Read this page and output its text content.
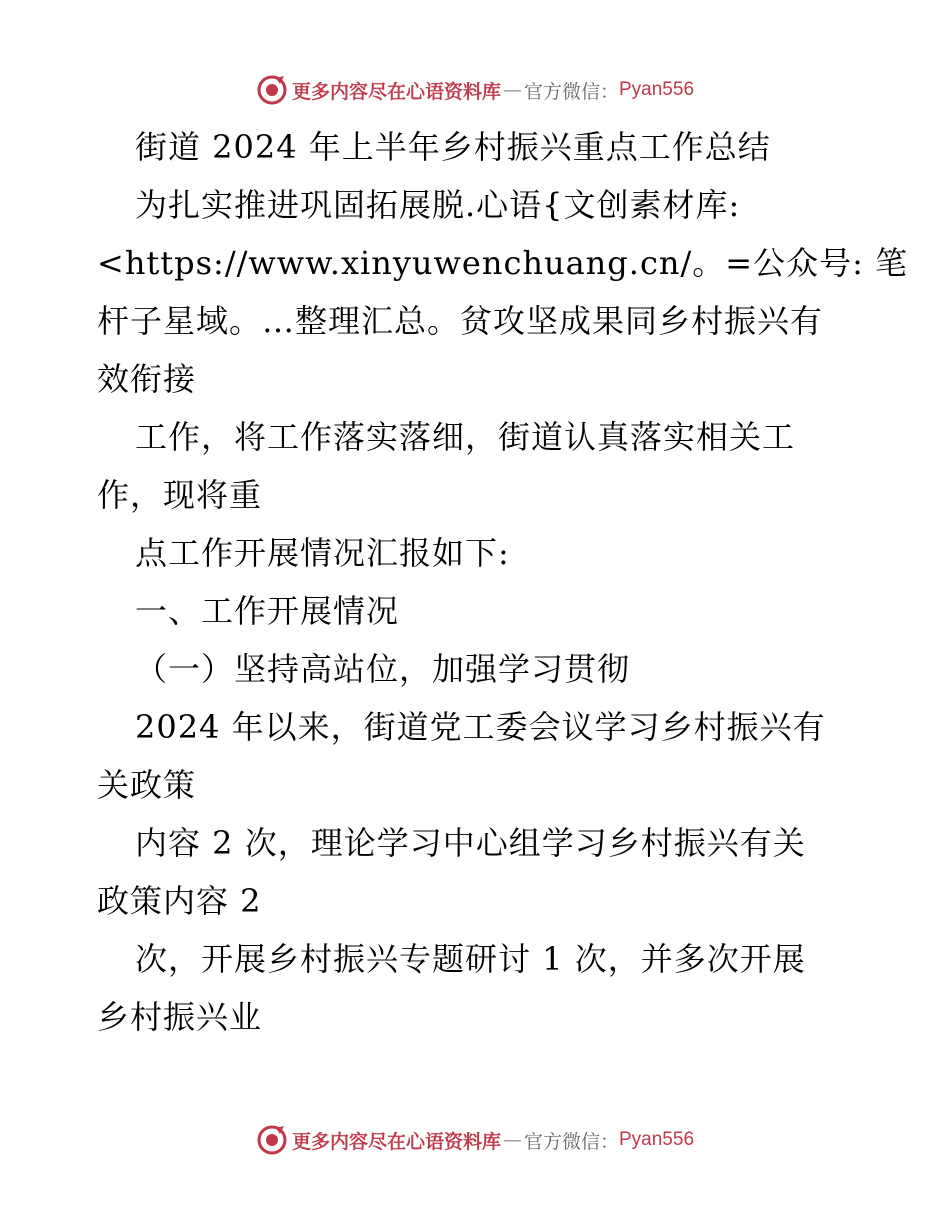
更多内容尽在心语资料库 — 官方微信： Pyan556
街道 2024 年上半年乡村振兴重点工作总结
为扎实推进巩固拓展脱.心语{文创素材库:
<https://www.xinyuwenchuang.cn/。=公众号: 笔
杆子星域。…整理汇总。贫攻坚成果同乡村振兴有
效衔接
工作，将工作落实落细，街道认真落实相关工
作，现将重
点工作开展情况汇报如下:
一、工作开展情况
（一）坚持高站位，加强学习贯彻
2024 年以来，街道党工委会议学习乡村振兴有
关政策
内容 2 次，理论学习中心组学习乡村振兴有关
政策内容 2
次，开展乡村振兴专题研讨 1 次，并多次开展
乡村振兴业
更多内容尽在心语资料库 — 官方微信： Pyan556
